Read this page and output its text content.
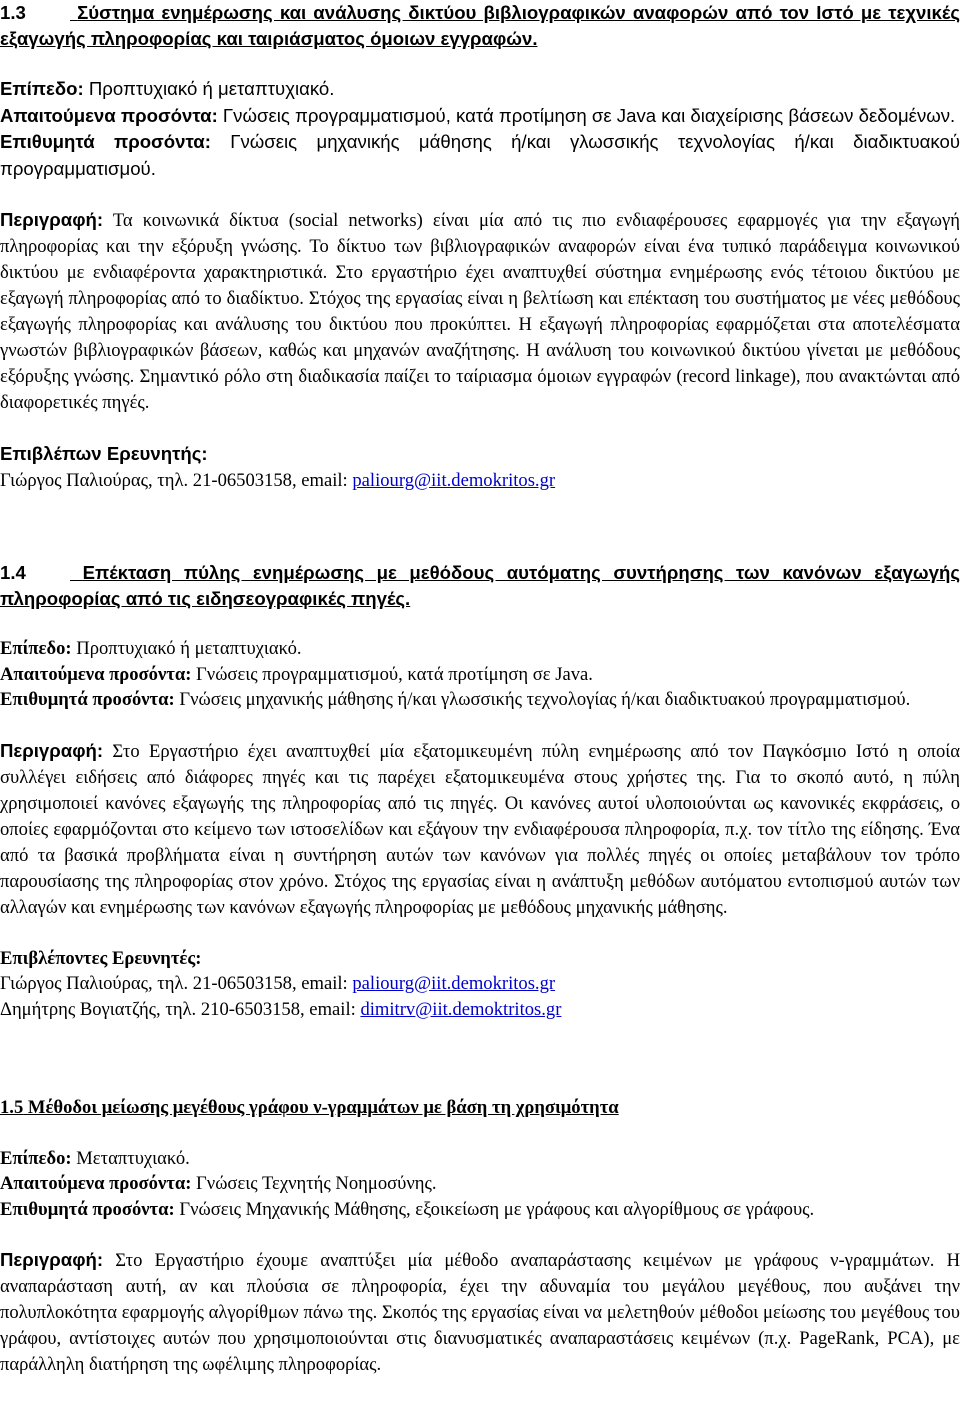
1.3	Σύστημα ενημέρωσης και ανάλυσης δικτύου βιβλιογραφικών αναφορών από τον Ιστό με τεχνικές εξαγωγής πληροφορίας και ταιριάσματος όμοιων εγγραφών.
Επίπεδο: Προπτυχιακό ή μεταπτυχιακό.
Απαιτούμενα προσόντα: Γνώσεις προγραμματισμού, κατά προτίμηση σε Java και διαχείρισης βάσεων δεδομένων.
Επιθυμητά προσόντα: Γνώσεις μηχανικής μάθησης ή/και γλωσσικής τεχνολογίας ή/και διαδικτυακού προγραμματισμού.
Περιγραφή: Τα κοινωνικά δίκτυα (social networks) είναι μία από τις πιο ενδιαφέρουσες εφαρμογές για την εξαγωγή πληροφορίας και την εξόρυξη γνώσης. Το δίκτυο των βιβλιογραφικών αναφορών είναι ένα τυπικό παράδειγμα κοινωνικού δικτύου με ενδιαφέροντα χαρακτηριστικά. Στο εργαστήριο έχει αναπτυχθεί σύστημα ενημέρωσης ενός τέτοιου δικτύου με εξαγωγή πληροφορίας από το διαδίκτυο. Στόχος της εργασίας είναι η βελτίωση και επέκταση του συστήματος με νέες μεθόδους εξαγωγής πληροφορίας και ανάλυσης του δικτύου που προκύπτει. Η εξαγωγή πληροφορίας εφαρμόζεται στα αποτελέσματα γνωστών βιβλιογραφικών βάσεων, καθώς και μηχανών αναζήτησης. Η ανάλυση του κοινωνικού δικτύου γίνεται με μεθόδους εξόρυξης γνώσης. Σημαντικό ρόλο στη διαδικασία παίζει το ταίριασμα όμοιων εγγραφών (record linkage), που ανακτώνται από διαφορετικές πηγές.
Επιβλέπων Ερευνητής:
Γιώργος Παλιούρας, τηλ. 21-06503158, email: paliourg@iit.demokritos.gr
1.4	Επέκταση πύλης ενημέρωσης με μεθόδους αυτόματης συντήρησης των κανόνων εξαγωγής πληροφορίας από τις ειδησεογραφικές πηγές.
Επίπεδο: Προπτυχιακό ή μεταπτυχιακό.
Απαιτούμενα προσόντα: Γνώσεις προγραμματισμού, κατά προτίμηση σε Java.
Επιθυμητά προσόντα: Γνώσεις μηχανικής μάθησης ή/και γλωσσικής τεχνολογίας ή/και διαδικτυακού προγραμματισμού.
Περιγραφή: Στο Εργαστήριο έχει αναπτυχθεί μία εξατομικευμένη πύλη ενημέρωσης από τον Παγκόσμιο Ιστό η οποία συλλέγει ειδήσεις από διάφορες πηγές και τις παρέχει εξατομικευμένα στους χρήστες της. Για το σκοπό αυτό, η πύλη χρησιμοποιεί κανόνες εξαγωγής της πληροφορίας από τις πηγές. Οι κανόνες αυτοί υλοποιούνται ως κανονικές εκφράσεις, ο οποίες εφαρμόζονται στο κείμενο των ιστοσελίδων και εξάγουν την ενδιαφέρουσα πληροφορία, π.χ. τον τίτλο της είδησης. Ένα από τα βασικά προβλήματα είναι η συντήρηση αυτών των κανόνων για πολλές πηγές οι οποίες μεταβάλουν τον τρόπο παρουσίασης της πληροφορίας στον χρόνο. Στόχος της εργασίας είναι η ανάπτυξη μεθόδων αυτόματου εντοπισμού αυτών των αλλαγών και ενημέρωσης των κανόνων εξαγωγής πληροφορίας με μεθόδους μηχανικής μάθησης.
Επιβλέποντες Ερευνητές:
Γιώργος Παλιούρας, τηλ. 21-06503158, email: paliourg@iit.demokritos.gr
Δημήτρης Βογιατζής, τηλ. 210-6503158, email: dimitrv@iit.demoktritos.gr
1.5 Μέθοδοι μείωσης μεγέθους γράφου ν-γραμμάτων με βάση τη χρησιμότητα
Επίπεδο: Μεταπτυχιακό.
Απαιτούμενα προσόντα: Γνώσεις Τεχνητής Νοημοσύνης.
Επιθυμητά προσόντα: Γνώσεις Μηχανικής Μάθησης, εξοικείωση με γράφους και αλγορίθμους σε γράφους.
Περιγραφή: Στο Εργαστήριο έχουμε αναπτύξει μία μέθοδο αναπαράστασης κειμένων με γράφους ν-γραμμάτων. Η αναπαράσταση αυτή, αν και πλούσια σε πληροφορία, έχει την αδυναμία του μεγάλου μεγέθους, που αυξάνει την πολυπλοκότητα εφαρμογής αλγορίθμων πάνω της. Σκοπός της εργασίας είναι να μελετηθούν μέθοδοι μείωσης του μεγέθους του γράφου, αντίστοιχες αυτών που χρησιμοποιούνται στις διανυσματικές αναπαραστάσεις κειμένων (π.χ. PageRank, PCA), με παράλληλη διατήρηση της ωφέλιμης πληροφορίας.
